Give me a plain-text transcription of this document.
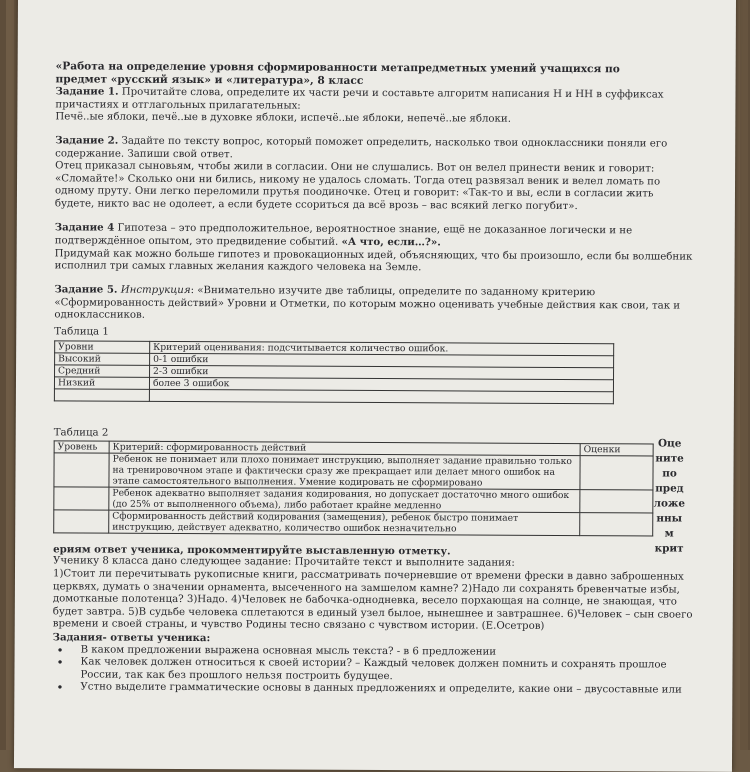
«Работа на определение уровня сформированности метапредметных умений учащихся по

предмет «русский язык» и «литература», 8 класс

Задание 1. Прочитайте слова, определите их части речи и составьте алгоритм написания Н и НН в суффиксах причастиях и отглагольных прилагательных:

Печё..ые яблоки, печё..ые в духовке яблоки, испечё..ые яблоки, непечё..ые яблоки.

Задание 2. Задайте по тексту вопрос, который поможет определить, насколько твои одноклассники поняли его содержание. Запиши свой ответ.

Отец приказал сыновьям, чтобы жили в согласии. Они не слушались. Вот он велел принести веник и говорит: «Сломайте!» Сколько они ни бились, никому не удалось сломать. Тогда отец развязал веник и велел ломать по одному пруту. Они легко переломили прутья поодиночке. Отец и говорит: «Так-то и вы, если в согласии жить будете, никто вас не одолеет, а если будете ссориться да всё врозь – вас всякий легко погубит».

Задание 4 Гипотеза – это предположительное, вероятностное знание, ещё не доказанное логически и не подтверждённое опытом, это предвидение событий. «А что, если…?».

Придумай как можно больше гипотез и провокационных идей, объясняющих, что бы произошло, если бы волшебник исполнил три самых главных желания каждого человека на Земле.

Задание 5. Инструкция: «Внимательно изучите две таблицы, определите по заданному критерию «Сформированность действий» Уровни и Отметки, по которым можно оценивать учебные действия как свои, так и одноклассников.

Таблица 1

Уровни	Критерий оценивания: подсчитывается количество ошибок.
Высокий	0-1 ошибки
Средний	2-3 ошибки
Низкий	более 3 ошибок

Таблица 2

Уровень	Критерий: сформированность действий	Оценки
	Ребенок не понимает или плохо понимает инструкцию, выполняет задание правильно только на тренировочном этапе и фактически сразу же прекращает или делает много ошибок на этапе самостоятельного выполнения. Умение кодировать не сформировано	
	Ребенок адекватно выполняет задания кодирования, но допускает достаточно много ошибок (до 25% от выполненного объема), либо работает крайне медленно	
	Сформированность действий кодирования (замещения), ребенок быстро понимает инструкцию, действует адекватно, количество ошибок незначительно	
Оце
ните
по
пред
ложе
нны
м
крит

ериям ответ ученика, прокомментируйте выставленную отметку.

Ученику 8 класса дано следующее задание: Прочитайте текст и выполните задания:

1)Стоит ли перечитывать рукописные книги, рассматривать почерневшие от времени фрески в давно заброшенных церквях, думать о значении орнамента, высеченного на замшелом камне? 2)Надо ли сохранять бревенчатые избы, домотканые полотенца? 3)Надо. 4)Человек не бабочка-однодневка, весело порхающая на солнце, не знающая, что будет завтра. 5)В судьбе человека сплетаются в единый узел былое, нынешнее и завтрашнее. 6)Человек – сын своего времени и своей страны, и чувство Родины тесно связано с чувством истории. (Е.Осетров)

Задания- ответы ученика:

• В каком предложении выражена основная мысль текста? - в 6 предложении
• Как человек должен относиться к своей истории? – Каждый человек должен помнить и сохранять прошлое России, так как без прошлого нельзя построить будущее.
• Устно выделите грамматические основы в данных предложениях и определите, какие они – двусоставные или
